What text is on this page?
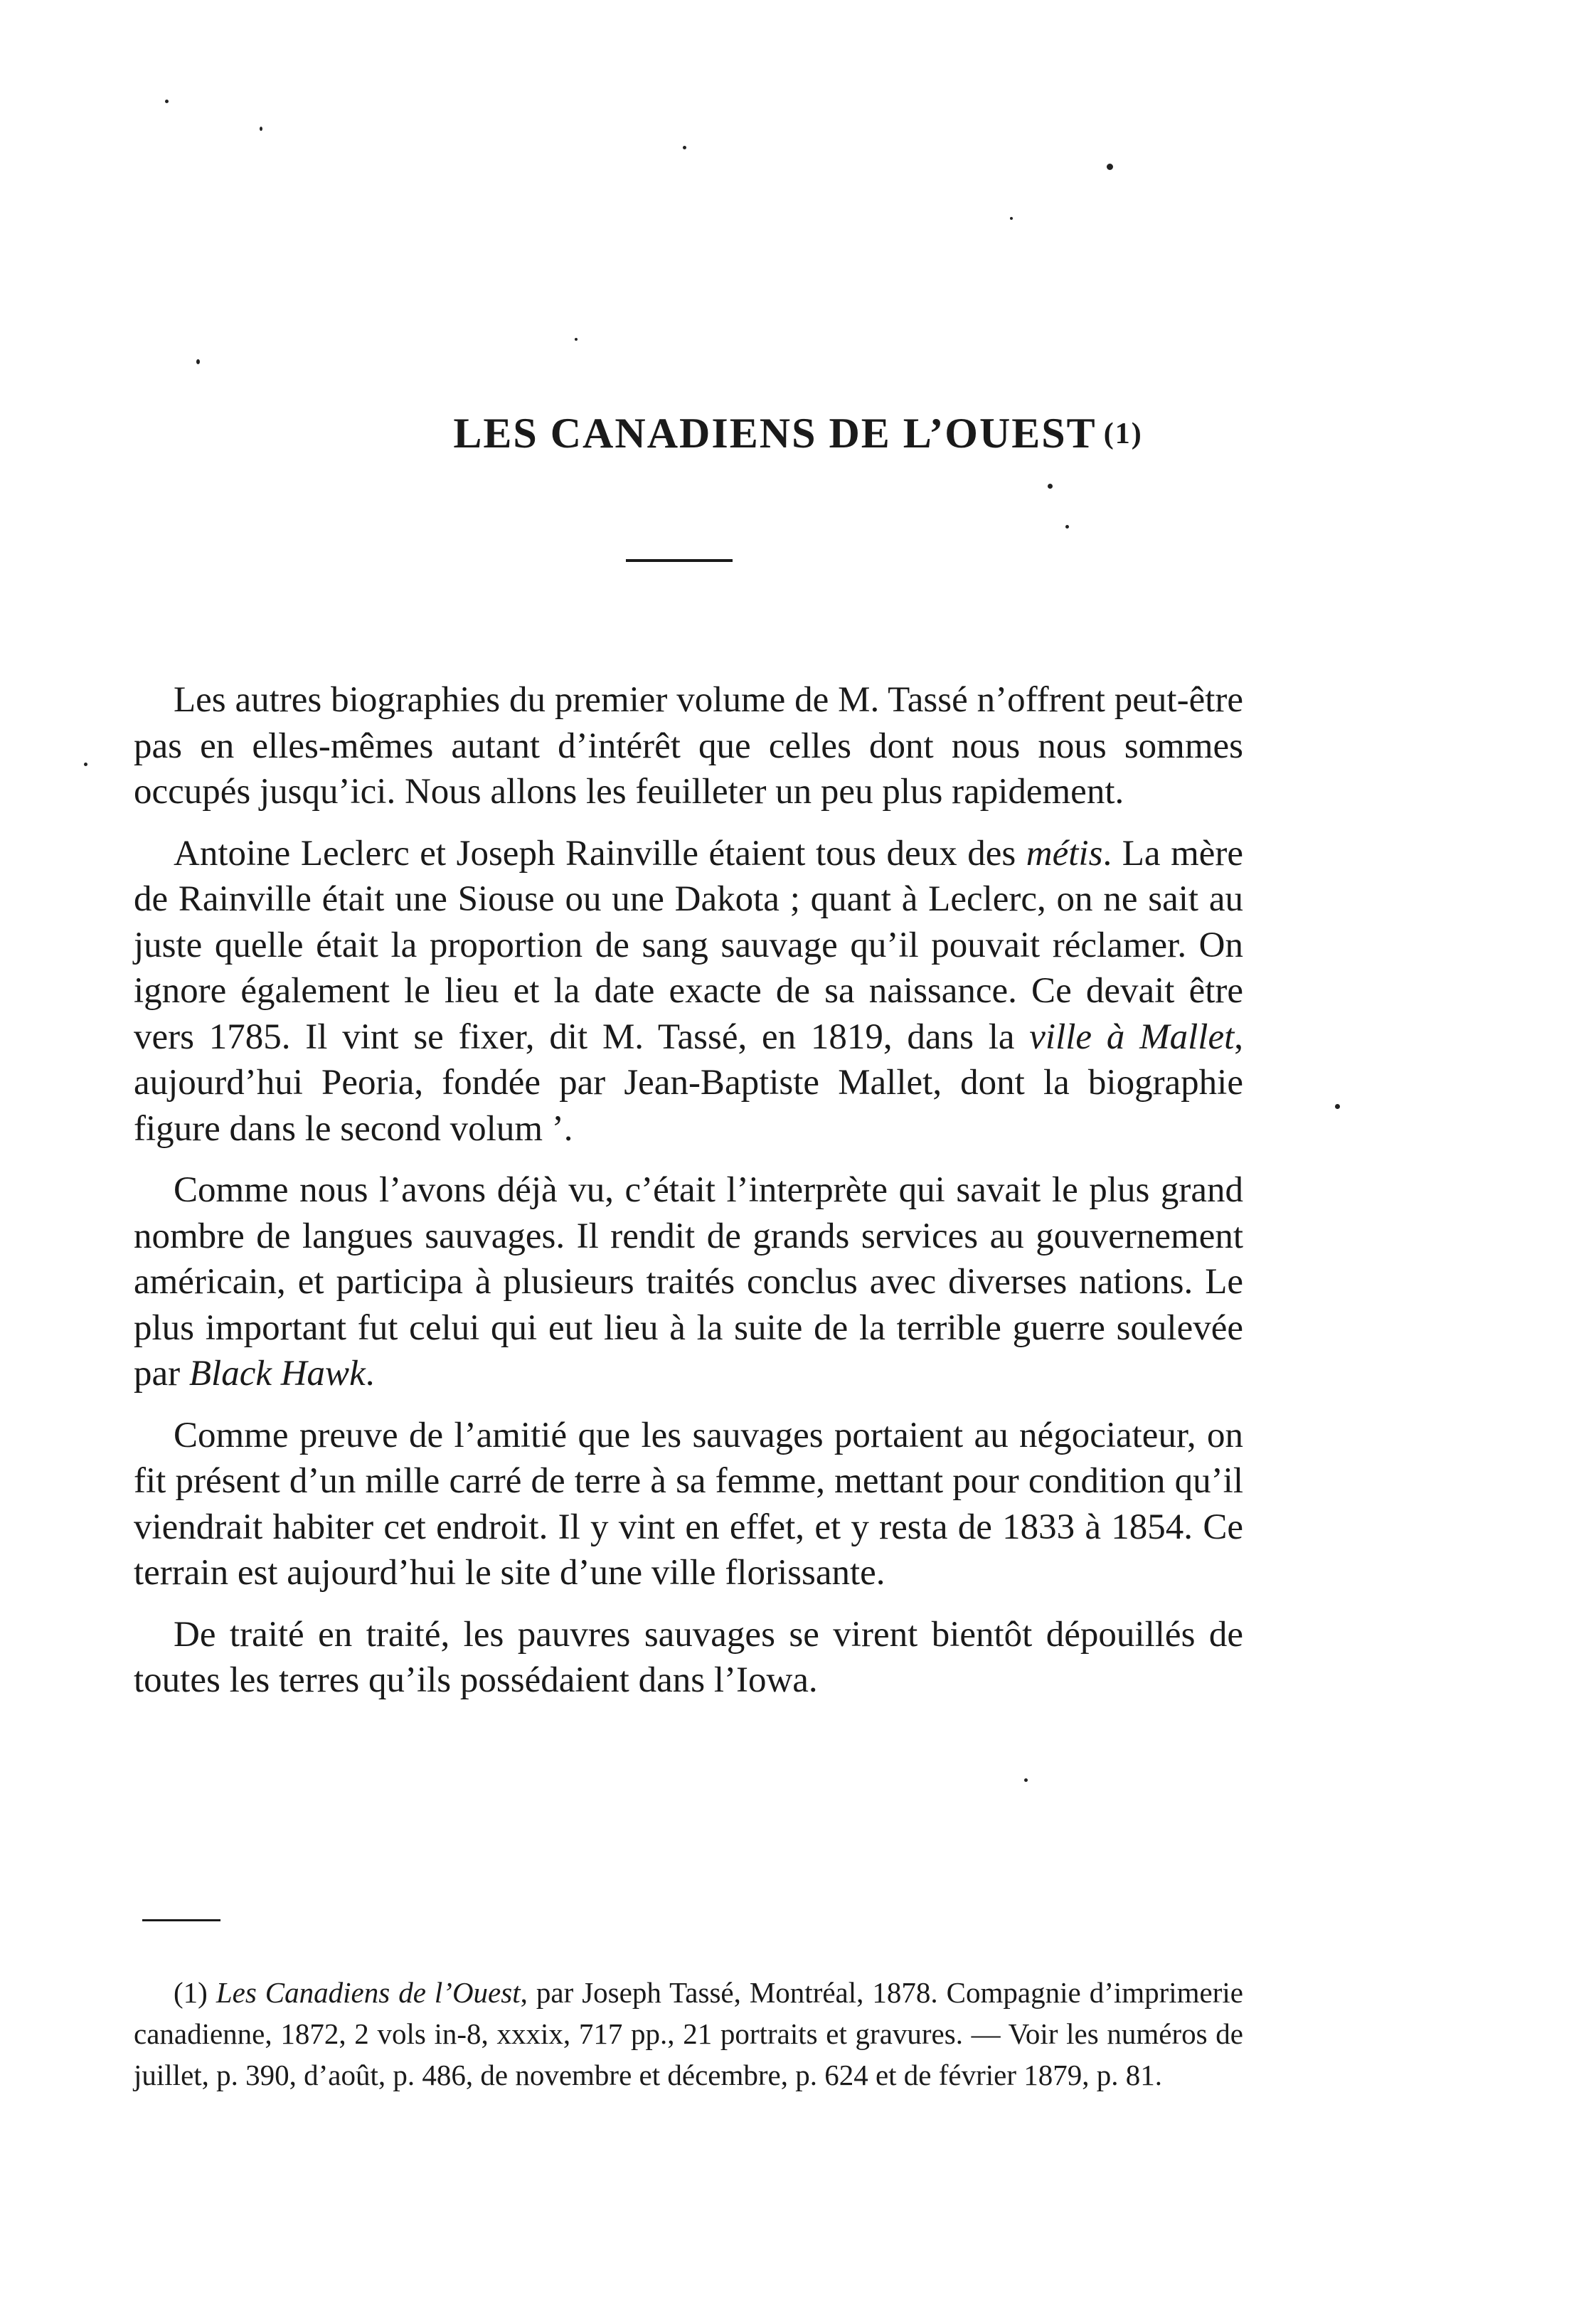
LES CANADIENS DE L’OUEST (1)

Les autres biographies du premier volume de M. Tassé n’offrent peut-être pas en elles-mêmes autant d’intérêt que celles dont nous nous sommes occupés jusqu’ici. Nous allons les feuilleter un peu plus rapidement.

Antoine Leclerc et Joseph Rainville étaient tous deux des métis. La mère de Rainville était une Siouse ou une Dakota ; quant à Leclerc, on ne sait au juste quelle était la proportion de sang sauvage qu’il pouvait réclamer. On ignore également le lieu et la date exacte de sa naissance. Ce devait être vers 1785. Il vint se fixer, dit M. Tassé, en 1819, dans la ville à Mallet, aujourd’hui Peoria, fondée par Jean-Baptiste Mallet, dont la biographie figure dans le second volum ’.

Comme nous l’avons déjà vu, c’était l’interprète qui savait le plus grand nombre de langues sauvages. Il rendit de grands services au gouvernement américain, et participa à plusieurs traités conclus avec diverses nations. Le plus important fut celui qui eut lieu à la suite de la terrible guerre soulevée par Black Hawk.

Comme preuve de l’amitié que les sauvages portaient au négociateur, on fit présent d’un mille carré de terre à sa femme, mettant pour condition qu’il viendrait habiter cet endroit. Il y vint en effet, et y resta de 1833 à 1854. Ce terrain est aujourd’hui le site d’une ville florissante.

De traité en traité, les pauvres sauvages se virent bientôt dépouillés de toutes les terres qu’ils possédaient dans l’Iowa.

(1) Les Canadiens de l’Ouest, par Joseph Tassé, Montréal, 1878. Compagnie d’imprimerie canadienne, 1872, 2 vols in-8, xxxix, 717 pp., 21 portraits et gravures. — Voir les numéros de juillet, p. 390, d’août, p. 486, de novembre et décembre, p. 624 et de février 1879, p. 81.
